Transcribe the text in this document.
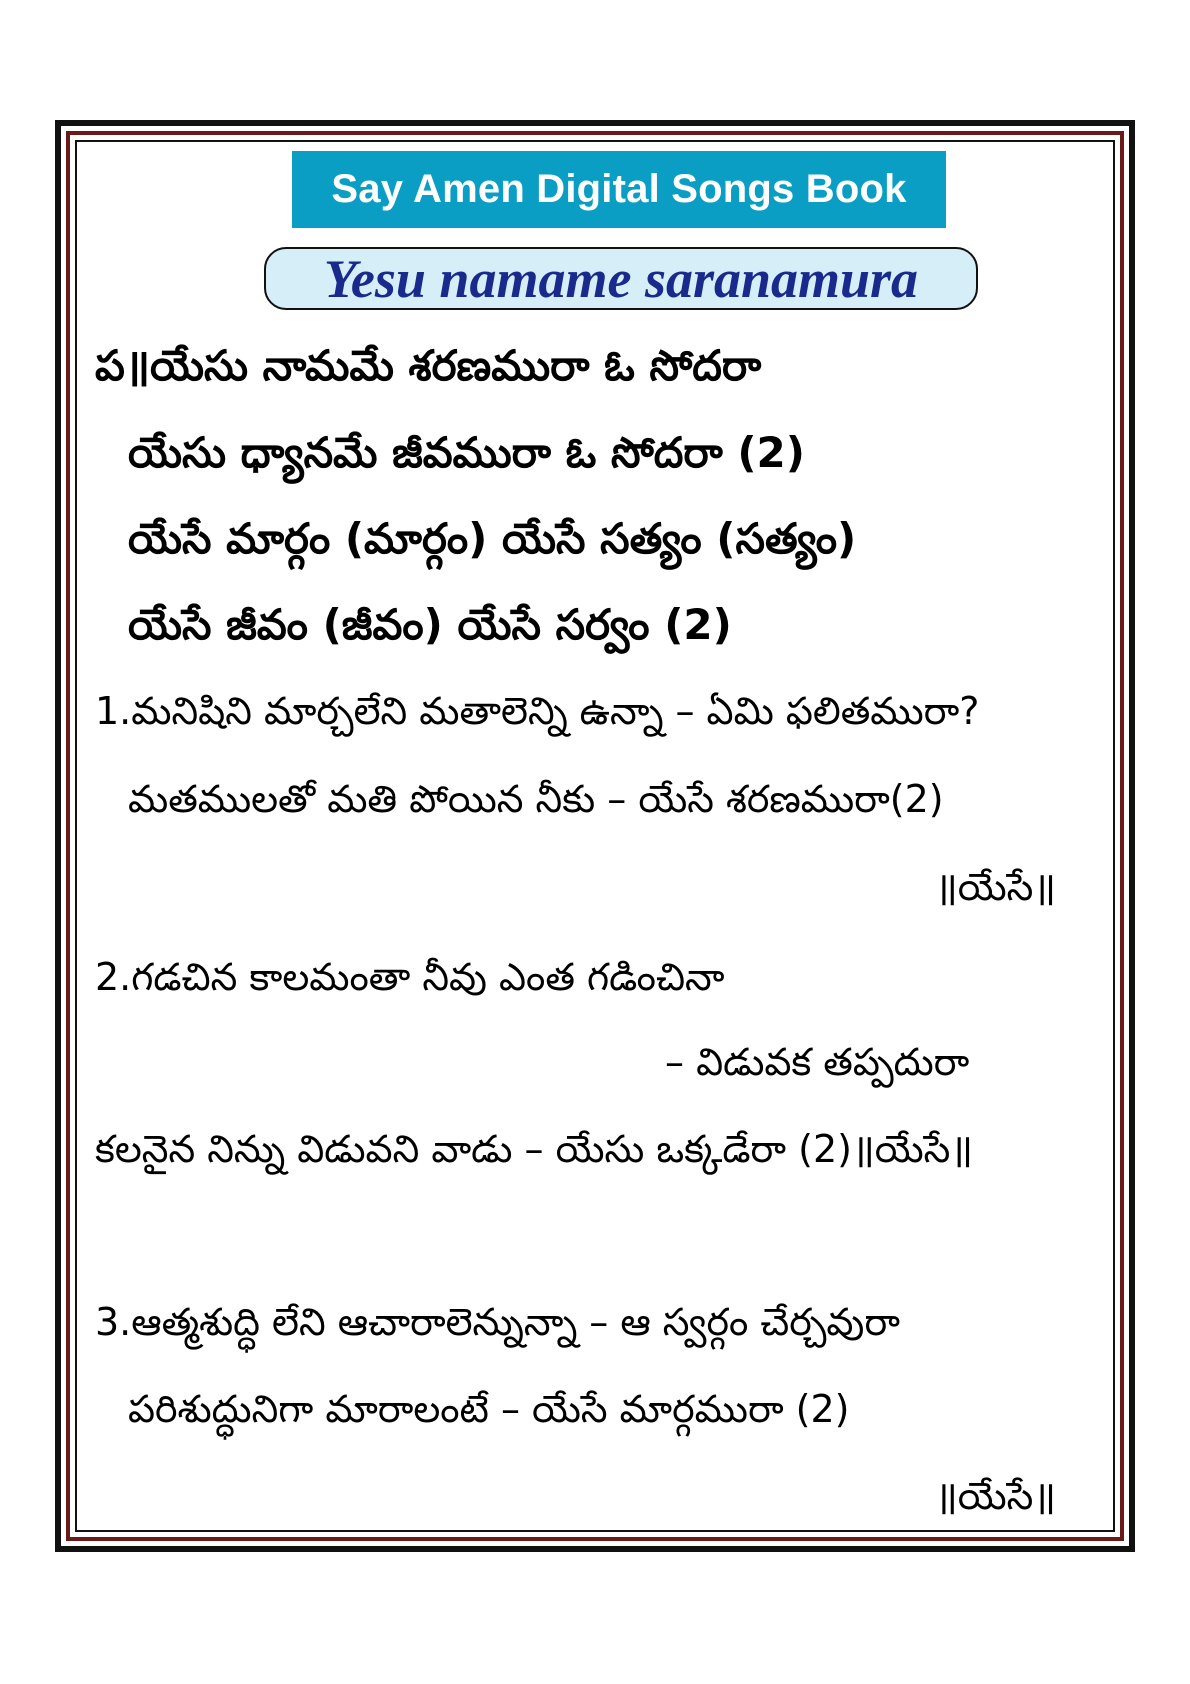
Say Amen Digital Songs Book
Yesu namame saranamura
ప॥యేసు నామమే శరణమురా ఓ సోదరా
యేసు ధ్యానమే జీవమురా ఓ సోదరా (2)
యేసే మార్గం (మార్గం) యేసే సత్యం (సత్యం)
యేసే జీవం (జీవం) యేసే సర్వం (2)
1.మనిషిని మార్చలేని మతాలెన్ని ఉన్నా – ఏమి ఫలితమురా?
మతములతో మతి పోయిన నీకు – యేసే శరణమురా(2)
॥యేసే॥
2.గడచిన కాలమంతా నీవు ఎంత గడించినా
– విడువక తప్పదురా
కలనైన నిన్ను విడువని వాడు – యేసు ఒక్కడేరా (2)॥యేసే॥
3.ఆత్మశుద్ధి లేని ఆచారాలెన్నున్నా – ఆ స్వర్గం చేర్చవురా
పరిశుద్ధునిగా మారాలంటే – యేసే మార్గమురా (2)
॥యేసే॥
